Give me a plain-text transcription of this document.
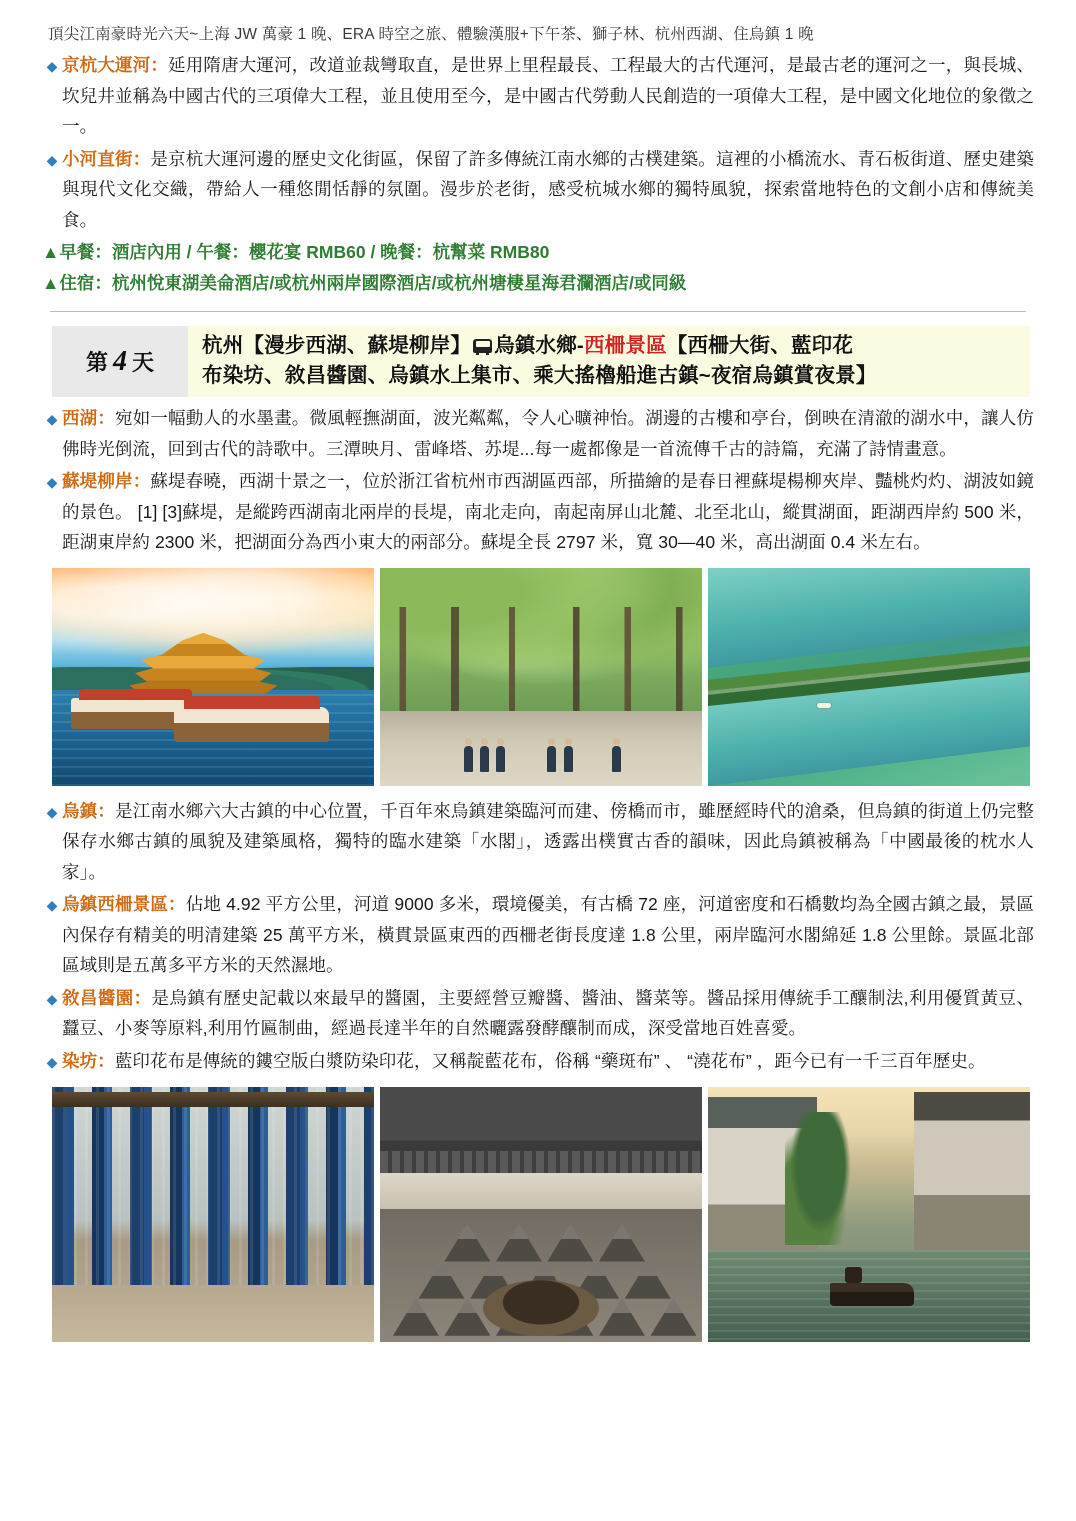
頂尖江南豪時光六天~上海 JW 萬豪 1 晚、ERA 時空之旅、體驗漢服+下午茶、獅子林、杭州西湖、住烏鎮 1 晚
◆ 京杭大運河：延用隋唐大運河，改道並裁彎取直，是世界上里程最長、工程最大的古代運河，是最古老的運河之一，與長城、坎兒井並稱為中國古代的三項偉大工程，並且使用至今，是中國古代勞動人民創造的一項偉大工程，是中國文化地位的象徵之一。
◆ 小河直街：是京杭大運河邊的歷史文化街區，保留了許多傳統江南水鄉的古樸建築。這裡的小橋流水、青石板街道、歷史建築與現代文化交織，帶給人一種悠閒恬靜的氛圍。漫步於老街，感受杭城水鄉的獨特風貌，探索當地特色的文創小店和傳統美食。
▲早餐：酒店內用 / 午餐：櫻花宴 RMB60 / 晚餐：杭幫菜 RMB80
▲住宿：杭州悅東湖美侖酒店/或杭州兩岸國際酒店/或杭州塘棲星海君瀾酒店/或同級
第 4 天
杭州【漫步西湖、蘇堤柳岸】 烏鎮水鄉-西柵景區【西柵大街、藍印花
布染坊、敘昌醬園、烏鎮水上集市、乘大搖櫓船進古鎮~夜宿烏鎮賞夜景】
◆ 西湖：宛如一幅動人的水墨畫。微風輕撫湖面，波光粼粼，令人心曠神怡。湖邊的古樓和亭台，倒映在清澈的湖水中，讓人仿佛時光倒流，回到古代的詩歌中。三潭映月、雷峰塔、苏堤...每一處都像是一首流傳千古的詩篇，充滿了詩情畫意。
◆ 蘇堤柳岸：蘇堤春曉，西湖十景之一，位於浙江省杭州市西湖區西部，所描繪的是春日裡蘇堤楊柳夾岸、豔桃灼灼、湖波如鏡的景色。 [1] [3]蘇堤，是縱跨西湖南北兩岸的長堤，南北走向，南起南屏山北麓、北至北山，縱貫湖面，距湖西岸約 500 米，距湖東岸約 2300 米，把湖面分為西小東大的兩部分。蘇堤全長 2797 米，寬 30—40 米，高出湖面 0.4 米左右。
◆ 烏鎮：是江南水鄉六大古鎮的中心位置，千百年來烏鎮建築臨河而建、傍橋而市，雖歷經時代的滄桑，但烏鎮的街道上仍完整保存水鄉古鎮的風貌及建築風格，獨特的臨水建築「水閣」，透露出樸實古香的韻味，因此烏鎮被稱為「中國最後的枕水人家」。
◆ 烏鎮西柵景區：佔地 4.92 平方公里，河道 9000 多米，環境優美，有古橋 72 座，河道密度和石橋數均為全國古鎮之最，景區內保存有精美的明清建築 25 萬平方米，橫貫景區東西的西柵老街長度達 1.8 公里，兩岸臨河水閣綿延 1.8 公里餘。景區北部區域則是五萬多平方米的天然濕地。
◆ 敘昌醬園：是烏鎮有歷史記載以來最早的醬園，主要經營豆瓣醬、醬油、醬菜等。醬品採用傳統手工釀制法,利用優質黃豆、蠶豆、小麥等原料,利用竹匾制曲，經過長達半年的自然曬露發酵釀制而成，深受當地百姓喜愛。
◆ 染坊：藍印花布是傳統的鏤空版白漿防染印花，又稱靛藍花布，俗稱 “藥斑布” 、 “澆花布” ，距今已有一千三百年歷史。
